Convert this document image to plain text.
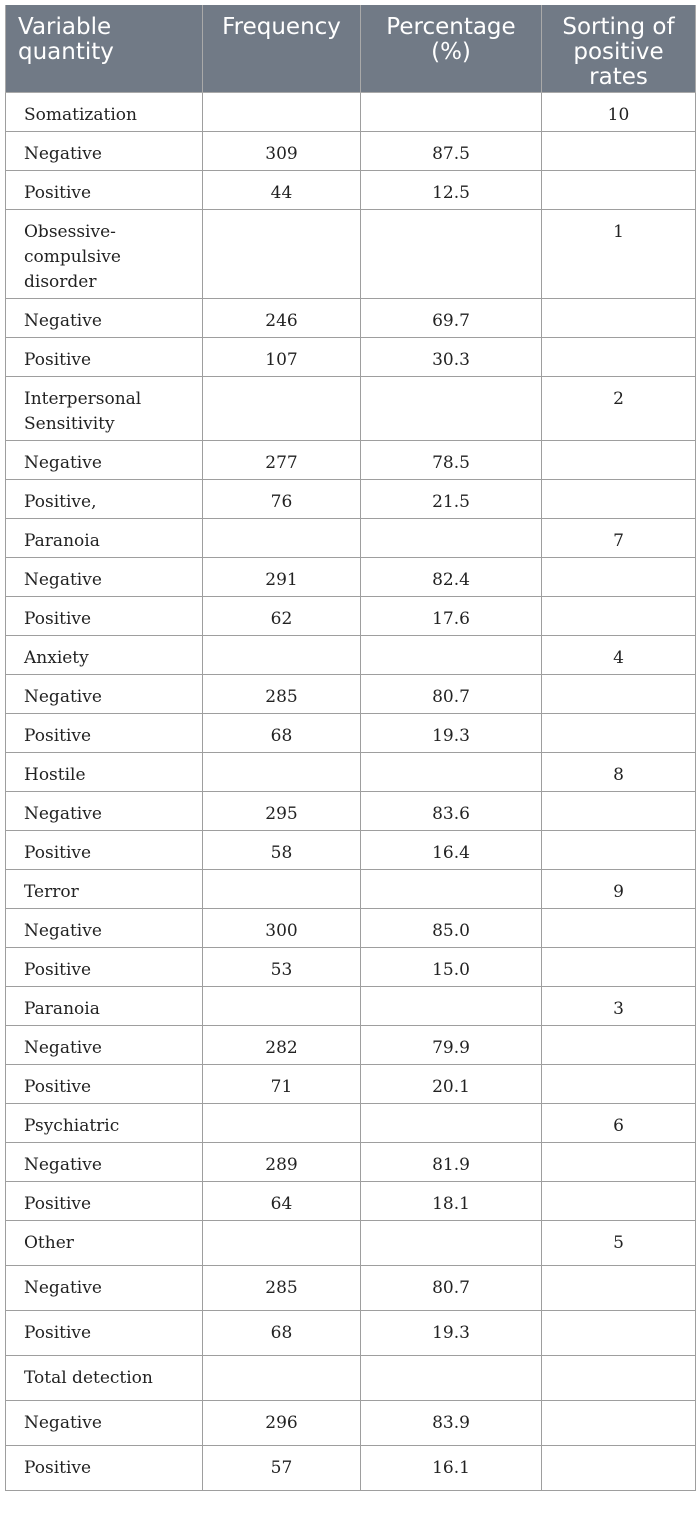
Variable quantity	Frequency	Percentage (%)	Sorting of positive rates
Somatization			10
Negative	309	87.5	
Positive	44	12.5	
Obsessive-compulsive disorder			1
Negative	246	69.7	
Positive	107	30.3	
Interpersonal Sensitivity			2
Negative	277	78.5	
Positive,	76	21.5	
Paranoia			7
Negative	291	82.4	
Positive	62	17.6	
Anxiety			4
Negative	285	80.7	
Positive	68	19.3	
Hostile			8
Negative	295	83.6	
Positive	58	16.4	
Terror			9
Negative	300	85.0	
Positive	53	15.0	
Paranoia			3
Negative	282	79.9	
Positive	71	20.1	
Psychiatric			6
Negative	289	81.9	
Positive	64	18.1	
Other			5
Negative	285	80.7	
Positive	68	19.3	
Total detection			
Negative	296	83.9	
Positive	57	16.1	
